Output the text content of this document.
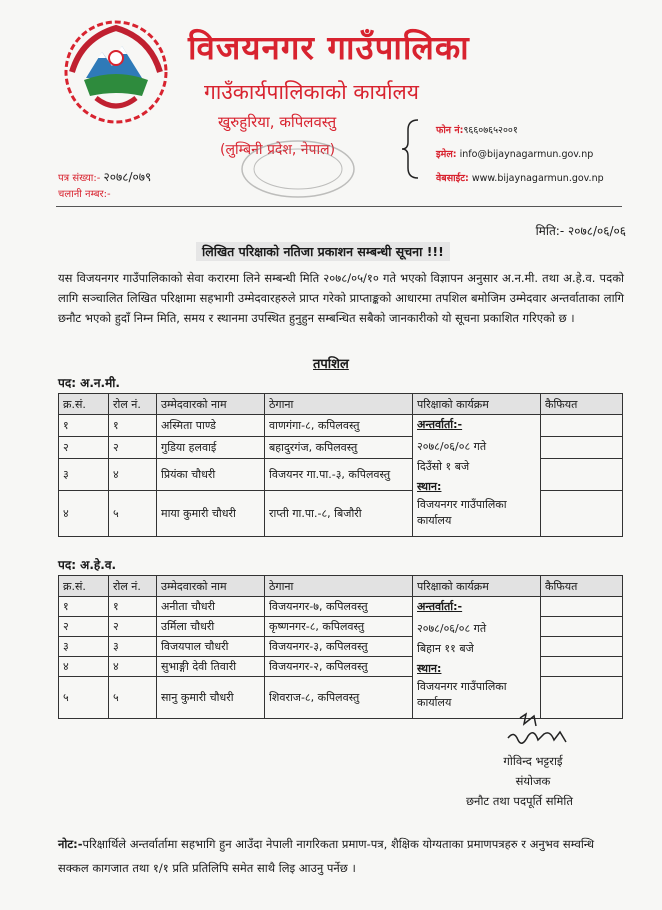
विजयनगर गाउँपालिका
गाउँकार्यपालिकाको कार्यालय
खुरुहुरिया, कपिलवस्तु
(लुम्बिनी प्रदेश, नेपाल)
फोन नं:९६६०७६५२००१
इमेल: info@bijaynagarmun.gov.np
वेबसाईट: www.bijaynagarmun.gov.np
पत्र संख्या:- २०७८/०७९
चलानी नम्बर:-
मिति:- २०७८/०६/०६
लिखित परिक्षाको नतिजा प्रकाशन सम्बन्धी सूचना !!!
यस विजयनगर गाउँपालिकाको सेवा करारमा लिने सम्बन्धी मिति २०७८/०५/१० गते भएको विज्ञापन अनुसार अ.न.मी. तथा अ.हे.व. पदको लागि सञ्चालित लिखित परिक्षामा सहभागी उम्मेदवारहरुले प्राप्त गरेको प्राप्ताङ्कको आधारमा तपशिल बमोजिम उम्मेदवार अन्तर्वाताका लागि छनौट भएको हुदाँ निम्न मिति, समय र स्थानमा उपस्थित हुनुहुन सम्बन्धित सबैको जानकारीको यो सूचना प्रकाशित गरिएको छ ।
तपशिल
पद: अ.न.मी.
क्र.सं.	रोल नं.	उम्मेदवारको नाम	ठेगाना	परिक्षाको कार्यक्रम	कैफियत
१	१	अस्मिता पाण्डे	वाणगंगा-८, कपिलवस्तु	अन्तर्वार्ता:-
२०७८/०६/०८ गते
दिउँसो १ बजे
स्थान:
विजयनगर गाउँपालिका कार्यालय	

२	२	गुडिया हलवाई	बहादुरगंज, कपिलवस्तु		
३	४	प्रियंका चौधरी	विजयनर गा.पा.-३, कपिलवस्तु		
४	५	माया कुमारी चौधरी	राप्ती गा.पा.-८, बिजौरी		
पद: अ.हे.व.
क्र.सं.	रोल नं.	उम्मेदवारको नाम	ठेगाना	परिक्षाको कार्यक्रम	कैफियत
१	१	अनीता चौधरी	विजयनगर-७, कपिलवस्तु	अन्तर्वार्ता:-
२०७८/०६/०८ गते
बिहान ११ बजे
स्थान:
विजयनगर गाउँपालिका कार्यालय	

२	२	उर्मिला चौधरी	कृष्णनगर-८, कपिलवस्तु		
३	३	विजयपाल चौधरी	विजयनगर-३, कपिलवस्तु		
४	४	सुभाङ्गी देवी तिवारी	विजयनगर-२, कपिलवस्तु		
५	५	सानु कुमारी चौधरी	शिवराज-८, कपिलवस्तु		
गोविन्द भट्टराई
संयोजक
छनौट तथा पदपूर्ति समिति
नोट:-परिक्षार्थिले अन्तर्वार्तामा सहभागि हुन आउँदा नेपाली नागरिकता प्रमाण-पत्र, शैक्षिक योग्यताका प्रमाणपत्रहरु र अनुभव सम्वन्धि सक्कल कागजात तथा १/१ प्रति प्रतिलिपि समेत साथै लिइ आउनु पर्नेछ ।
